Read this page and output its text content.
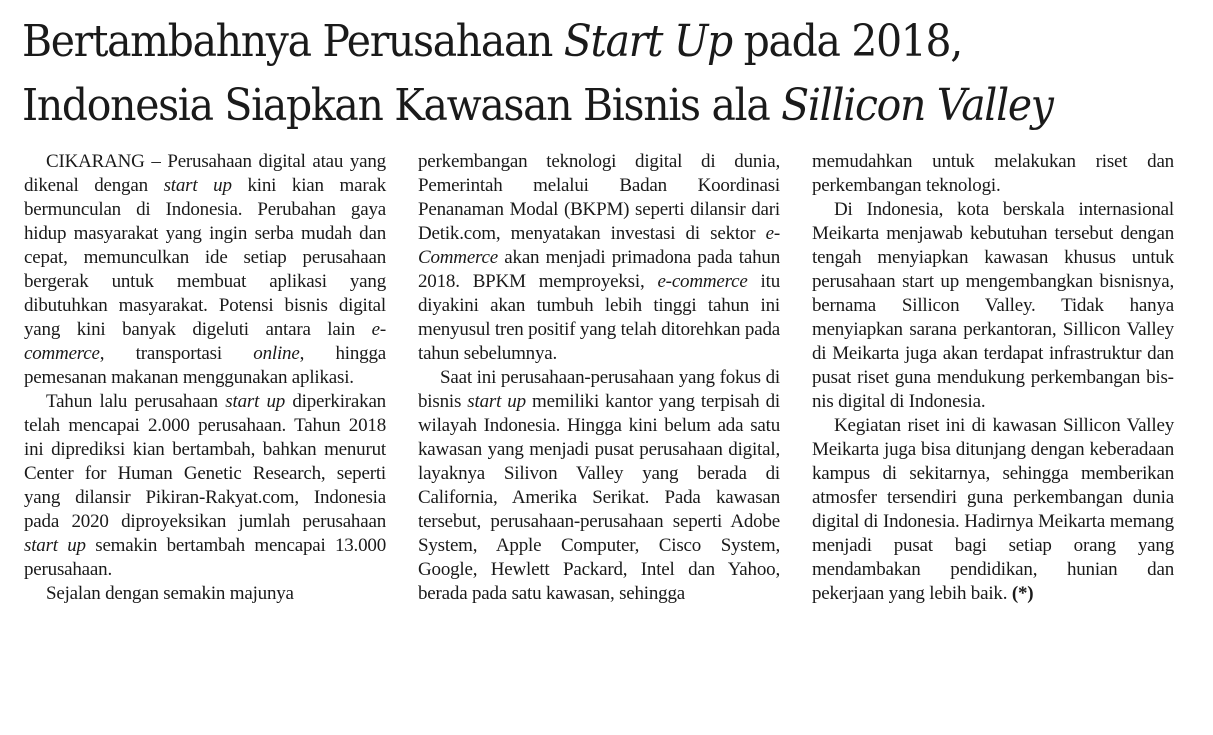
Bertambahnya Perusahaan Start Up pada 2018,
Indonesia Siapkan Kawasan Bisnis ala Sillicon Valley

CIKARANG – Perusahaan digital atau yang dikenal dengan start up kini kian marak bermunculan di Indonesia. Perubahan gaya hidup masyarakat yang ingin serba mudah dan cepat, memunculkan ide setiap perusahaan bergerak untuk membuat aplikasi yang dibutuhkan masyarakat. Potensi bisnis digital yang kini banyak digeluti antara lain e-commerce, transportasi online, hingga pemesanan makanan menggunakan aplikasi.

Tahun lalu perusahaan start up diperkirakan telah mencapai 2.000 perusahaan. Tahun 2018 ini diprediksi kian bertambah, bahkan menurut Center for Human Genetic Research, seperti yang dilansir Pikiran-Rakyat.com, Indonesia pada 2020 diproyeksikan jumlah perusahaan start up semakin bertambah mencapai 13.000 perusahaan.

Sejalan dengan semakin majunya

perkembangan teknologi digital di dunia, Pemerintah melalui Badan Koordinasi Penanaman Modal (BKPM) seperti dilansir dari Detik.com, menyatakan investasi di sektor e-Commerce akan menjadi primadona pada tahun 2018. BPKM memproyeksi, e-commerce itu diyakini akan tumbuh lebih tinggi tahun ini menyusul tren positif yang telah ditorehkan pada tahun sebelumnya.

Saat ini perusahaan-perusahaan yang fokus di bisnis start up memiliki kantor yang terpisah di wilayah Indonesia. Hingga kini belum ada satu kawasan yang menjadi pusat perusahaan digital, layaknya Silivon Valley yang berada di California, Amerika Serikat. Pada kawasan tersebut, perusahaan-perusahaan seperti Adobe System, Apple Computer, Cisco System, Google, Hewlett Packard, Intel dan Yahoo, berada pada satu kawasan, sehingga

memudahkan untuk melakukan riset dan perkembangan teknologi.

Di Indonesia, kota berskala internasional Meikarta menjawab kebutuhan tersebut dengan tengah menyiapkan kawasan khusus untuk perusahaan start up mengembangkan bisnisnya, bernama Sillicon Valley. Tidak hanya menyiapkan sarana perkantoran, Sillicon Valley di Meikarta juga akan terdapat infrastruktur dan pusat riset guna mendukung perkembangan bisnis digital di Indonesia.

Kegiatan riset ini di kawasan Sillicon Valley Meikarta juga bisa ditunjang dengan keberadaan kampus di sekitarnya, sehingga memberikan atmosfer tersendiri guna perkembangan dunia digital di Indonesia. Hadirnya Meikarta memang menjadi pusat bagi setiap orang yang mendambakan pendidikan, hunian dan pekerjaan yang lebih baik. (*)
